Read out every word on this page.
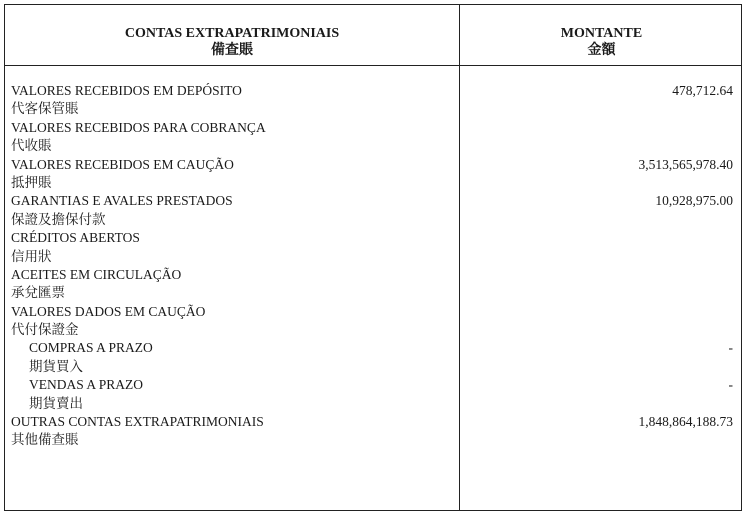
CONTAS EXTRAPATRIMONIAIS
備查賬
MONTANTE
金額
VALORES RECEBIDOS EM DEPÓSITO
代客保管賬
VALORES RECEBIDOS PARA COBRANÇA
代收賬
VALORES RECEBIDOS EM CAUÇÃO
抵押賬
GARANTIAS E AVALES PRESTADOS
保證及擔保付款
CRÉDITOS ABERTOS
信用狀
ACEITES EM CIRCULAÇÃO
承兌匯票
VALORES DADOS EM CAUÇÃO
代付保證金
COMPRAS A PRAZO
期貨買入
VENDAS A PRAZO
期貨賣出
OUTRAS CONTAS EXTRAPATRIMONIAIS
其他備查賬
478,712.64
3,513,565,978.40
10,928,975.00
-
-
1,848,864,188.73
